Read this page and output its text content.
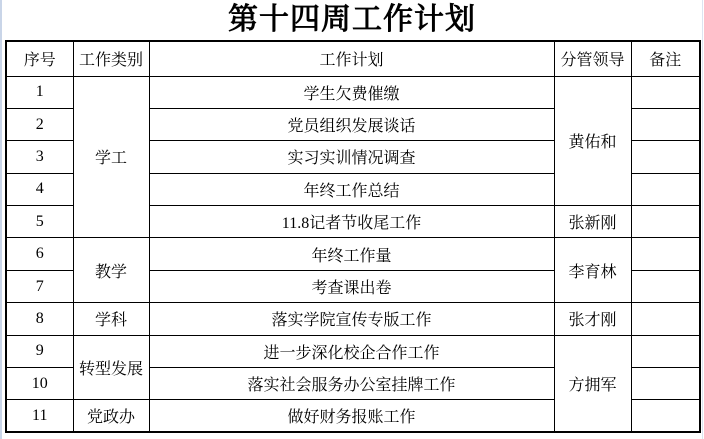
第十四周工作计划
序号	工作类别	工作计划	分管领导	备注
1	学工	学生欠费催缴	黄佑和	
2		党员组织发展谈话		
3		实习实训情况调查		
4		年终工作总结		
5		11.8记者节收尾工作	张新刚	
6	教学	年终工作量	李育林	
7		考查课出卷		
8	学科	落实学院宣传专版工作	张才刚	
9	转型发展	进一步深化校企合作工作	方拥军	
10		落实社会服务办公室挂牌工作		
11	党政办	做好财务报账工作		
